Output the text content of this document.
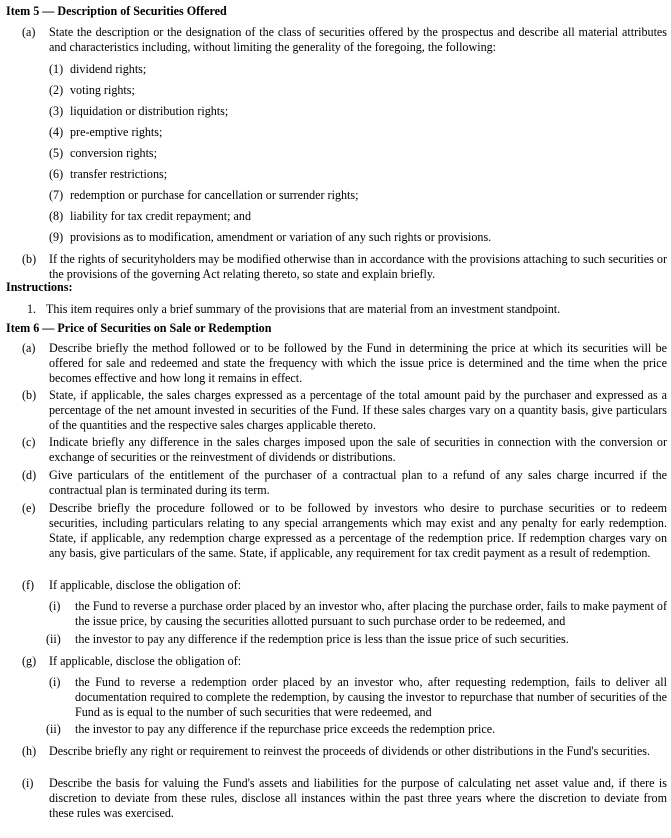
Item 5 — Description of Securities Offered
(a) State the description or the designation of the class of securities offered by the prospectus and describe all material attributes and characteristics including, without limiting the generality of the foregoing, the following:
(1) dividend rights;
(2) voting rights;
(3) liquidation or distribution rights;
(4) pre-emptive rights;
(5) conversion rights;
(6) transfer restrictions;
(7) redemption or purchase for cancellation or surrender rights;
(8) liability for tax credit repayment; and
(9) provisions as to modification, amendment or variation of any such rights or provisions.
(b) If the rights of securityholders may be modified otherwise than in accordance with the provisions attaching to such securities or the provisions of the governing Act relating thereto, so state and explain briefly.
Instructions:
1. This item requires only a brief summary of the provisions that are material from an investment standpoint.
Item 6 — Price of Securities on Sale or Redemption
(a) Describe briefly the method followed or to be followed by the Fund in determining the price at which its securities will be offered for sale and redeemed and state the frequency with which the issue price is determined and the time when the price becomes effective and how long it remains in effect.
(b) State, if applicable, the sales charges expressed as a percentage of the total amount paid by the purchaser and expressed as a percentage of the net amount invested in securities of the Fund. If these sales charges vary on a quantity basis, give particulars of the quantities and the respective sales charges applicable thereto.
(c) Indicate briefly any difference in the sales charges imposed upon the sale of securities in connection with the conversion or exchange of securities or the reinvestment of dividends or distributions.
(d) Give particulars of the entitlement of the purchaser of a contractual plan to a refund of any sales charge incurred if the contractual plan is terminated during its term.
(e) Describe briefly the procedure followed or to be followed by investors who desire to purchase securities or to redeem securities, including particulars relating to any special arrangements which may exist and any penalty for early redemption. State, if applicable, any redemption charge expressed as a percentage of the redemption price. If redemption charges vary on any basis, give particulars of the same. State, if applicable, any requirement for tax credit payment as a result of redemption.
(f) If applicable, disclose the obligation of:
(i) the Fund to reverse a purchase order placed by an investor who, after placing the purchase order, fails to make payment of the issue price, by causing the securities allotted pursuant to such purchase order to be redeemed, and
(ii) the investor to pay any difference if the redemption price is less than the issue price of such securities.
(g) If applicable, disclose the obligation of:
(i) the Fund to reverse a redemption order placed by an investor who, after requesting redemption, fails to deliver all documentation required to complete the redemption, by causing the investor to repurchase that number of securities of the Fund as is equal to the number of such securities that were redeemed, and
(ii) the investor to pay any difference if the repurchase price exceeds the redemption price.
(h) Describe briefly any right or requirement to reinvest the proceeds of dividends or other distributions in the Fund's securities.
(i) Describe the basis for valuing the Fund's assets and liabilities for the purpose of calculating net asset value and, if there is discretion to deviate from these rules, disclose all instances within the past three years where the discretion to deviate from these rules was exercised.
